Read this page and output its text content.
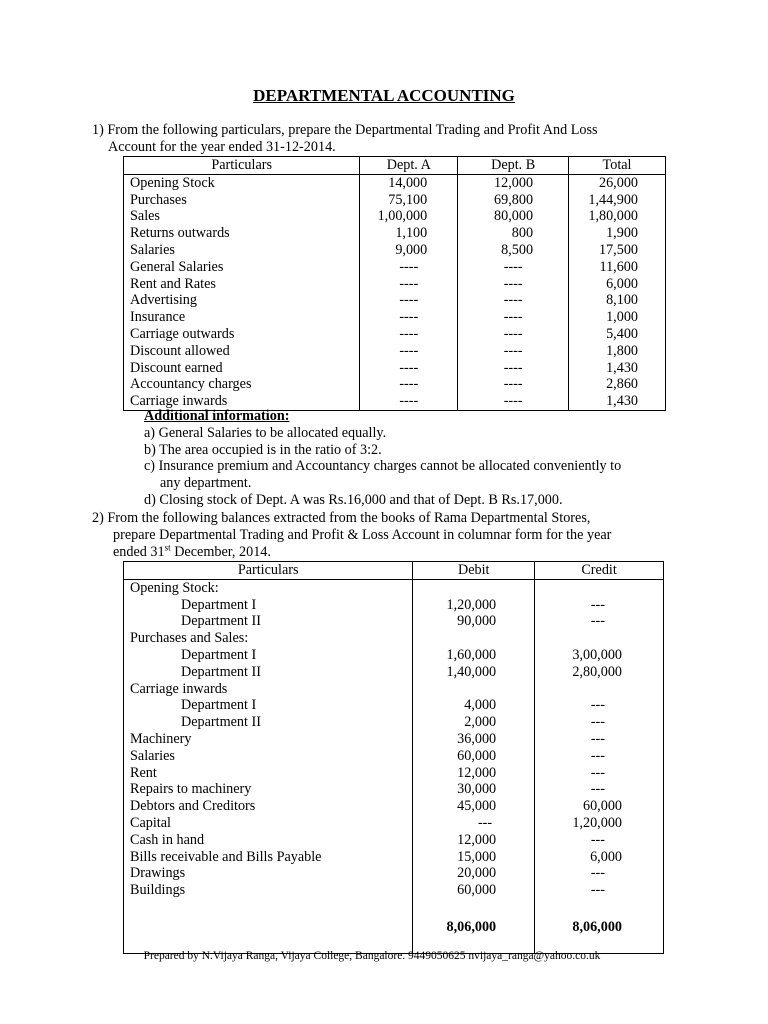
DEPARTMENTAL ACCOUNTING
1) From the following particulars, prepare the Departmental Trading and Profit And Loss
Account for the year ended 31-12-2014.
Particulars	Dept. A	Dept. B	Total
Opening Stock	14,000	12,000	26,000
Purchases	75,100	69,800	1,44,900
Sales	1,00,000	80,000	1,80,000
Returns outwards	1,100	800	1,900
Salaries	9,000	8,500	17,500
General Salaries	----	----	11,600
Rent and Rates	----	----	6,000
Advertising	----	----	8,100
Insurance	----	----	1,000
Carriage outwards	----	----	5,400
Discount allowed	----	----	1,800
Discount earned	----	----	1,430
Accountancy charges	----	----	2,860
Carriage inwards	----	----	1,430
Additional information:
a) General Salaries to be allocated equally.
b) The area occupied is in the ratio of 3:2.
c) Insurance premium and Accountancy charges cannot be allocated conveniently to
any department.
d) Closing stock of Dept. A was Rs.16,000 and that of Dept. B Rs.17,000.
2) From the following balances extracted from the books of Rama Departmental Stores,
prepare Departmental Trading and Profit & Loss Account in columnar form for the year
ended 31st December, 2014.
Particulars	Debit	Credit
Opening Stock:		
Department I	1,20,000	---
Department II	90,000	---
Purchases and Sales:		
Department I	1,60,000	3,00,000
Department II	1,40,000	2,80,000
Carriage inwards		
Department I	4,000	---
Department II	2,000	---
Machinery	36,000	---
Salaries	60,000	---
Rent	12,000	---
Repairs to machinery	30,000	---
Debtors and Creditors	45,000	60,000
Capital	---	1,20,000
Cash in hand	12,000	---
Bills receivable and Bills Payable	15,000	6,000
Drawings	20,000	---
Buildings	60,000	---

	8,06,000	8,06,000

Prepared by N.Vijaya Ranga, Vijaya College, Bangalore. 9449050625 nvijaya_ranga@yahoo.co.uk
